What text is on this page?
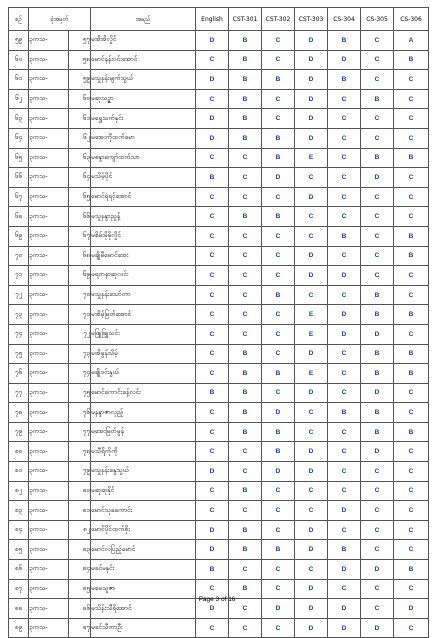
စဉ်	ခုံအမှတ်		အမည်	English	CST-301	CST-302	CST-303	CS-304	CS-305	CS-306
၅၉	၃ကသ-	၅၇	မအိအိလှိုင်	D	B	C	D	B	C	A
၆၀	၃ကသ-	၅၈	မောင်နန်းဝင်းအောင်	C	B	C	D	D	C	B
၆၁	၃ကသ-	၅၉	မသူနန်းမျက်သွယ်	D	B	B	D	B	C	C
၆၂	၃ကသ-	၆၀	မဆုသဉ္ဇာ	C	B	C	D	C	B	C
၆၃	၃ကသ-	၆၁	မရွှေသက်နှင်း	D	B	C	D	C	C	C
၆၄	၃ကသ-	၆၂	မအေးကိုထက်မော	D	B	B	D	C	C	C
၆၅	၃ကသ-	၆၃	မစန္ဒာကျော်ထက်သာ	C	C	B	E	C	B	B
၆၆	၃ကသ-	၆၄	မသိမ့်ပိုင်	B	C	D	C	C	D	C
၆၇	၃ကသ-	၆၅	မောင်ရဲရင့်အောင်	C	C	C	D	C	C	C
၆၈	၃ကသ-	၆၆	မသူနန္ဒာညွန့်	C	B	B	C	C	C	C
၆၉	၃ကသ-	၆၇	မစိမ်းမိုမိုလှိုင်	C	C	C	C	B	C	B
၇၀	၃ကသ-	၆၈	မချိုမီမောင်အေး	C	C	C	D	C	C	B
၇၁	၃ကသ-	၆၉	မရတနာဆုလင်း	C	C	C	D	D	C	C
၇၂	၃ကသ-	၇၀	မသူနန်းသော်တာ	C	C	B	C	C	B	C
၇၃	၃ကသ-	၇၁	မအိမ့်မြတ်အောင်	C	C	C	E	D	B	B
၇၄	၃ကသ-	၇၂	မဖြူဖြူသင်း	C	C	C	E	D	D	C
၇၅	၃ကသ-	၇၃	မအိမွန်သိမ့်	C	B	C	D	C	B	B
၇၆	၃ကသ-	၇၄	မချိုဝင်းနွယ်	C	B	B	E	C	B	B
၇၇	၃ကသ-	၇၅	မောင်ကောင်းခန့်လင်း	B	B	C	D	C	D	C
၇၈	၃ကသ-	၇၆	မနန္ဒာဇာလှည့်	C	B	D	C	B	B	C
၇၉	၃ကသ-	၇၇	မအေးမြတ်မွန်	C	B	B	C	C	B	B
၈၀	၃ကသ-	၇၈	မသီရိကိုကို	C	C	B	D	C	D	C
၈၁	၃ကသ-	၇၉	မသူနန်းနွေသွယ်	D	C	D	D	C	C	C
၈၂	၃ကသ-	၈၀	မဆုဆုနိုင်	C	B	C	C	C	C	C
၈၃	၃ကသ-	၈၁	မောင်သုခကောင်း	C	C	C	C	D	C	C
၈၄	၃ကသ-	၈၂	မောင်ပိုင်ထက်စိုး	D	B	C	D	C	C	C
၈၅	၃ကသ-	၈၃	မောင်လပြည့်မောင်	D	B	B	D	B	C	C
၈၆	၃ကသ-	၈၄	မခင်မနှင်း	B	C	C	C	D	D	B
၈၇	၃ကသ-	၈၅	မမေသူဇာ	C	B	C	D	C	C	C
၈၈	၃ကသ-	၈၆	မသိန်းသီရိအောင်	D	C	D	D	D	C	D
၈၉	၃ကသ-	၈၇	မခင်သီတာဦး	C	C	C	D	D	D	C
Page 3 of 16
